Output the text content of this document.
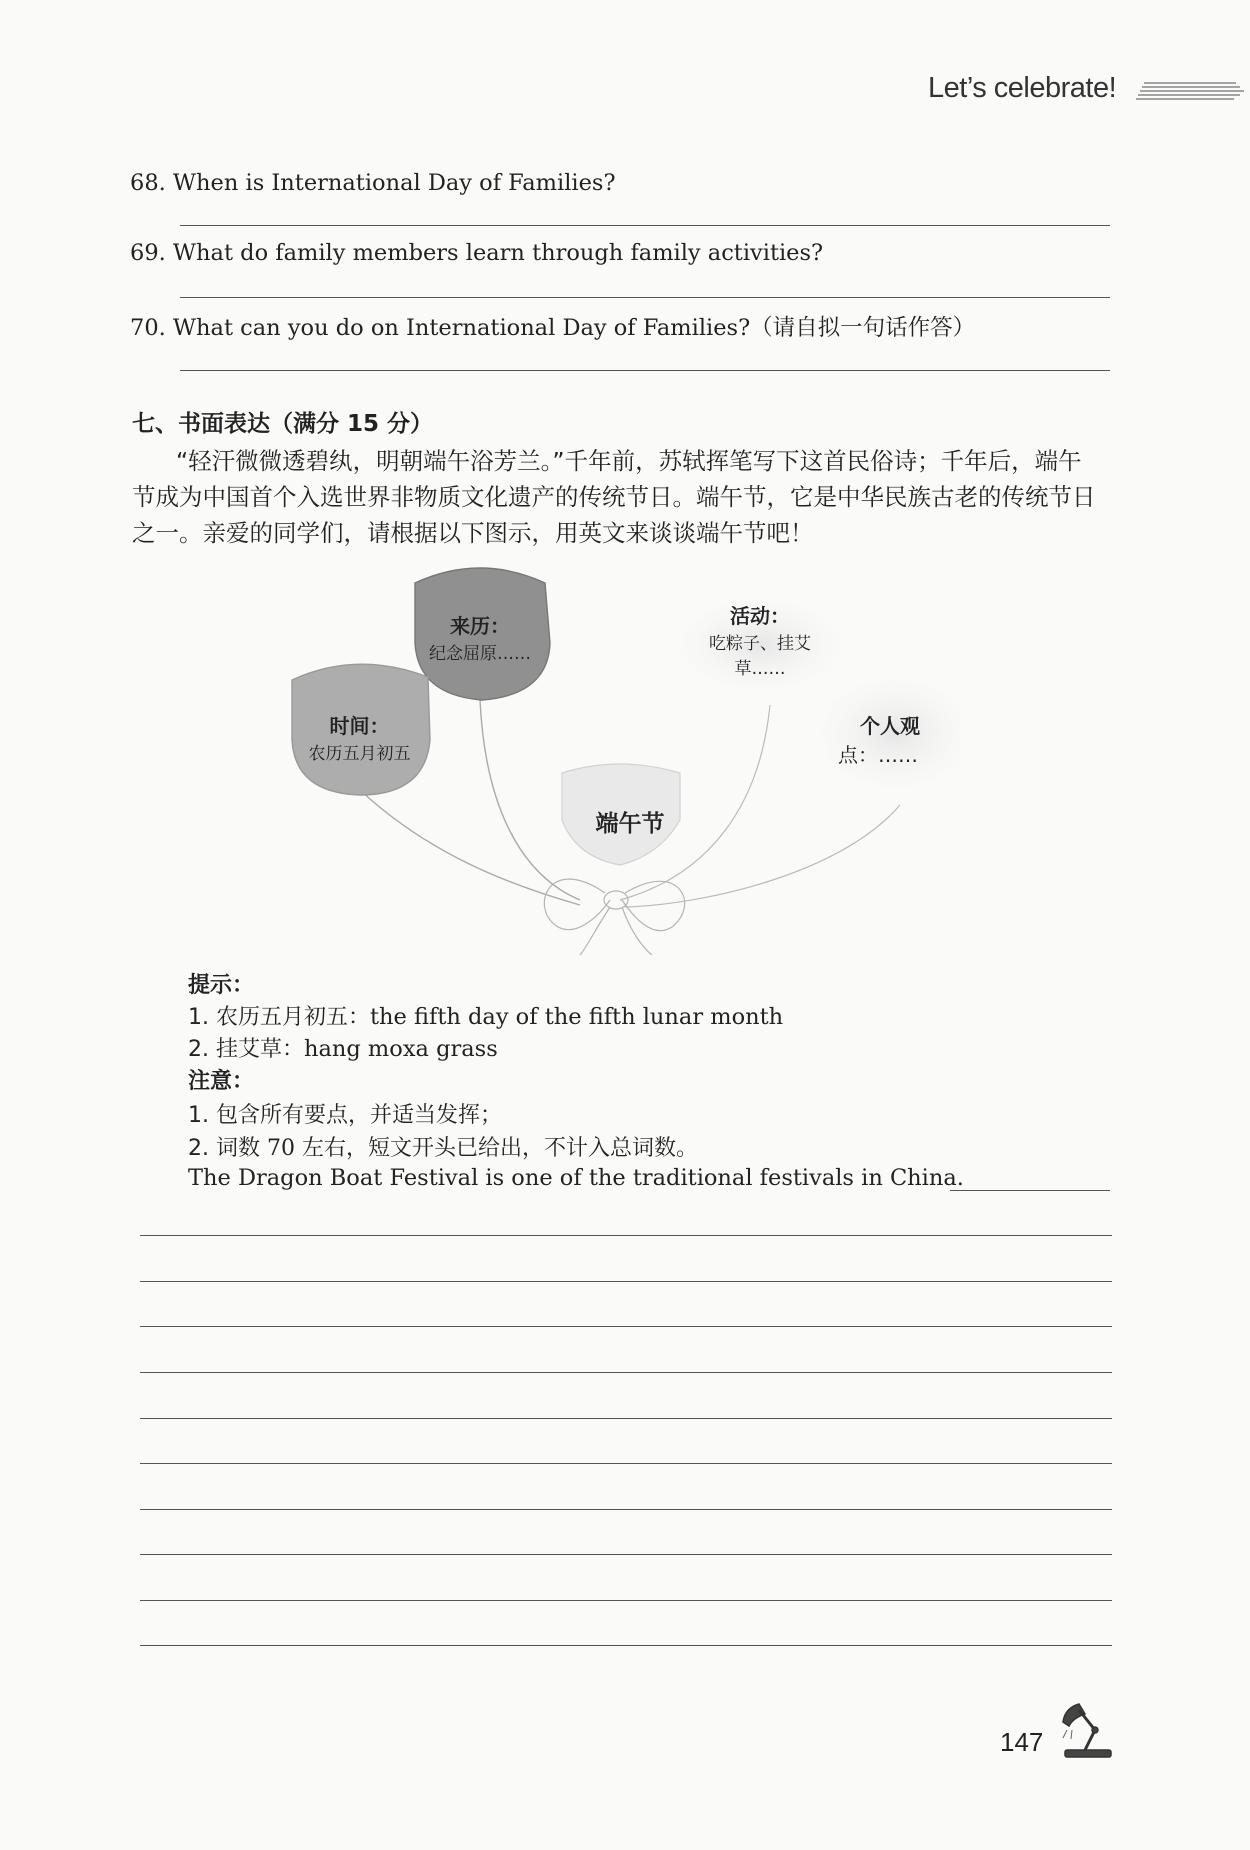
Let’s celebrate!
68. When is International Day of Families?
69. What do family members learn through family activities?
70. What can you do on International Day of Families?（请自拟一句话作答）
七、书面表达（满分 15 分）
“轻汗微微透碧纨，明朝端午浴芳兰。”千年前，苏轼挥笔写下这首民俗诗；千年后，端午节成为中国首个入选世界非物质文化遗产的传统节日。端午节，它是中华民族古老的传统节日之一。亲爱的同学们，请根据以下图示，用英文来谈谈端午节吧！
来历：
纪念屈原……
时间：
农历五月初五
活动：
吃粽子、挂艾
草……
个人观
点：……
端午节
提示：
1. 农历五月初五：the fifth day of the fifth lunar month
2. 挂艾草：hang moxa grass
注意：
1. 包含所有要点，并适当发挥；
2. 词数 70 左右，短文开头已给出，不计入总词数。
The Dragon Boat Festival is one of the traditional festivals in China.
147
